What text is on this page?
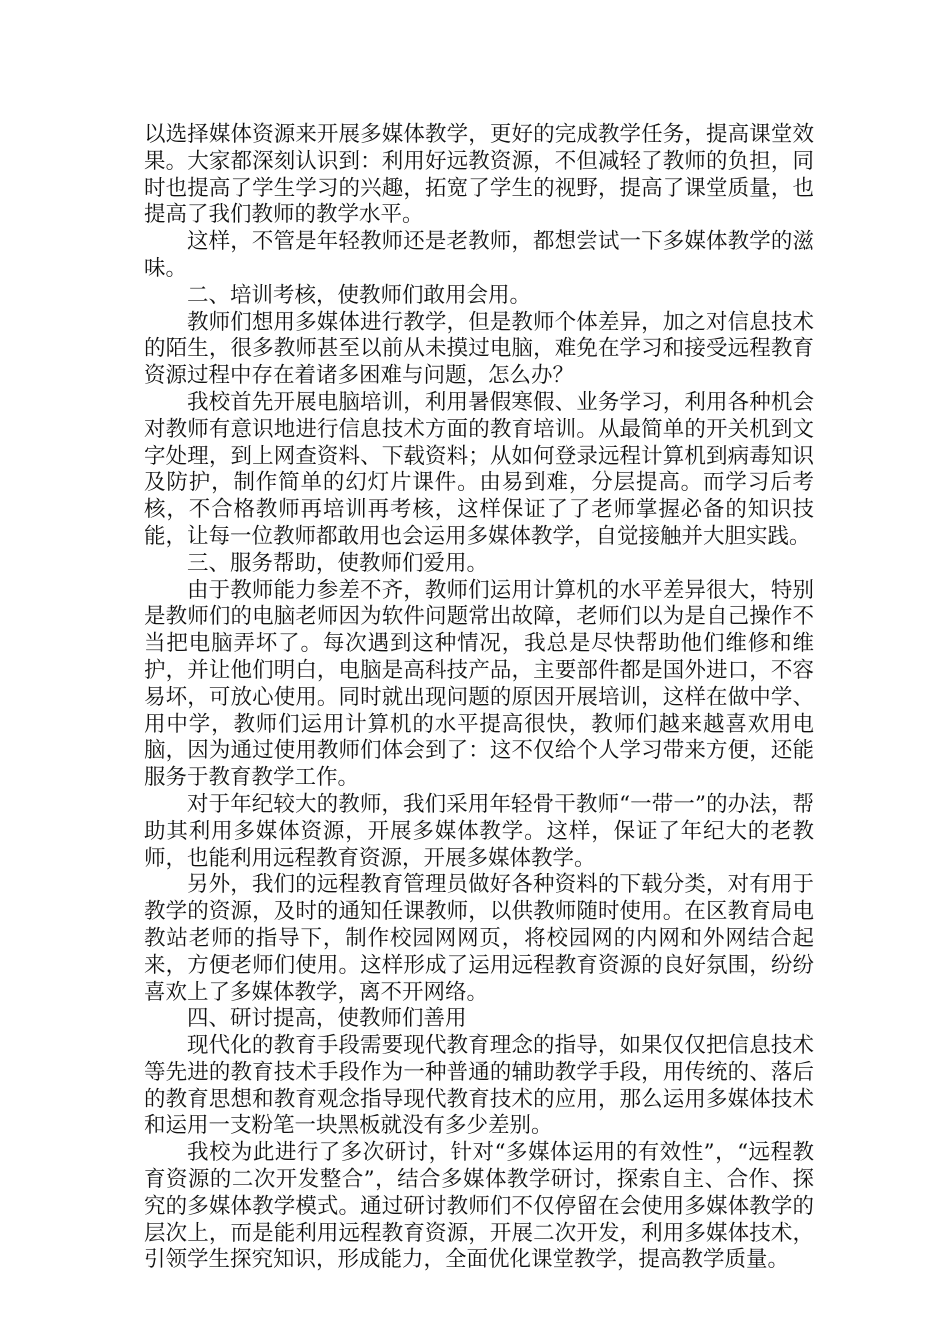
以选择媒体资源来开展多媒体教学，更好的完成教学任务，提高课堂效果。大家都深刻认识到：利用好远教资源，不但减轻了教师的负担，同时也提高了学生学习的兴趣，拓宽了学生的视野，提高了课堂质量，也提高了我们教师的教学水平。

这样，不管是年轻教师还是老教师，都想尝试一下多媒体教学的滋味。

二、培训考核，使教师们敢用会用。

教师们想用多媒体进行教学，但是教师个体差异，加之对信息技术的陌生，很多教师甚至以前从未摸过电脑，难免在学习和接受远程教育资源过程中存在着诸多困难与问题，怎么办？

我校首先开展电脑培训，利用暑假寒假、业务学习，利用各种机会对教师有意识地进行信息技术方面的教育培训。从最简单的开关机到文字处理，到上网查资料、下载资料；从如何登录远程计算机到病毒知识及防护，制作简单的幻灯片课件。由易到难，分层提高。而学习后考核，不合格教师再培训再考核，这样保证了了老师掌握必备的知识技能，让每一位教师都敢用也会运用多媒体教学，自觉接触并大胆实践。

三、服务帮助，使教师们爱用。

由于教师能力参差不齐，教师们运用计算机的水平差异很大，特别是教师们的电脑老师因为软件问题常出故障，老师们以为是自己操作不当把电脑弄坏了。每次遇到这种情况，我总是尽快帮助他们维修和维护，并让他们明白，电脑是高科技产品，主要部件都是国外进口，不容易坏，可放心使用。同时就出现问题的原因开展培训，这样在做中学、用中学，教师们运用计算机的水平提高很快，教师们越来越喜欢用电脑，因为通过使用教师们体会到了：这不仅给个人学习带来方便，还能服务于教育教学工作。

对于年纪较大的教师，我们采用年轻骨干教师“一带一”的办法，帮助其利用多媒体资源，开展多媒体教学。这样，保证了年纪大的老教师，也能利用远程教育资源，开展多媒体教学。

另外，我们的远程教育管理员做好各种资料的下载分类，对有用于教学的资源，及时的通知任课教师，以供教师随时使用。在区教育局电教站老师的指导下，制作校园网网页，将校园网的内网和外网结合起来，方便老师们使用。这样形成了运用远程教育资源的良好氛围，纷纷喜欢上了多媒体教学，离不开网络。

四、研讨提高，使教师们善用

现代化的教育手段需要现代教育理念的指导，如果仅仅把信息技术等先进的教育技术手段作为一种普通的辅助教学手段，用传统的、落后的教育思想和教育观念指导现代教育技术的应用，那么运用多媒体技术和运用一支粉笔一块黑板就没有多少差别。

我校为此进行了多次研讨，针对“多媒体运用的有效性”，“远程教育资源的二次开发整合”，结合多媒体教学研讨，探索自主、合作、探究的多媒体教学模式。通过研讨教师们不仅停留在会使用多媒体教学的层次上，而是能利用远程教育资源，开展二次开发，利用多媒体技术，引领学生探究知识，形成能力，全面优化课堂教学，提高教学质量。
